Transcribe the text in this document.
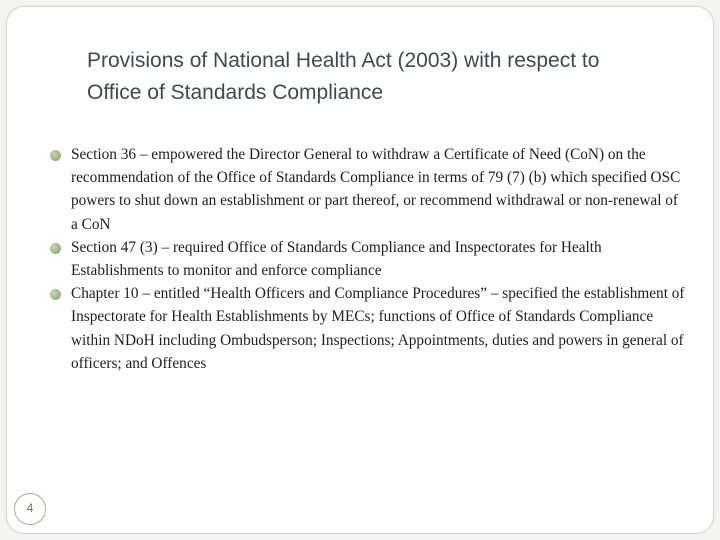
Provisions of National Health Act (2003) with respect to Office of Standards Compliance
Section 36 – empowered the Director General to withdraw a Certificate of Need (CoN) on the recommendation of the Office of Standards Compliance in terms of 79 (7) (b) which specified OSC powers to shut down an establishment or part thereof, or recommend withdrawal or non-renewal of a CoN
Section 47 (3) – required Office of Standards Compliance and Inspectorates for Health Establishments to monitor and enforce compliance
Chapter 10 – entitled “Health Officers and Compliance Procedures” – specified the establishment of Inspectorate for Health Establishments by MECs; functions of Office of Standards Compliance within NDoH including Ombudsperson; Inspections; Appointments, duties and powers in general of officers; and Offences
4
